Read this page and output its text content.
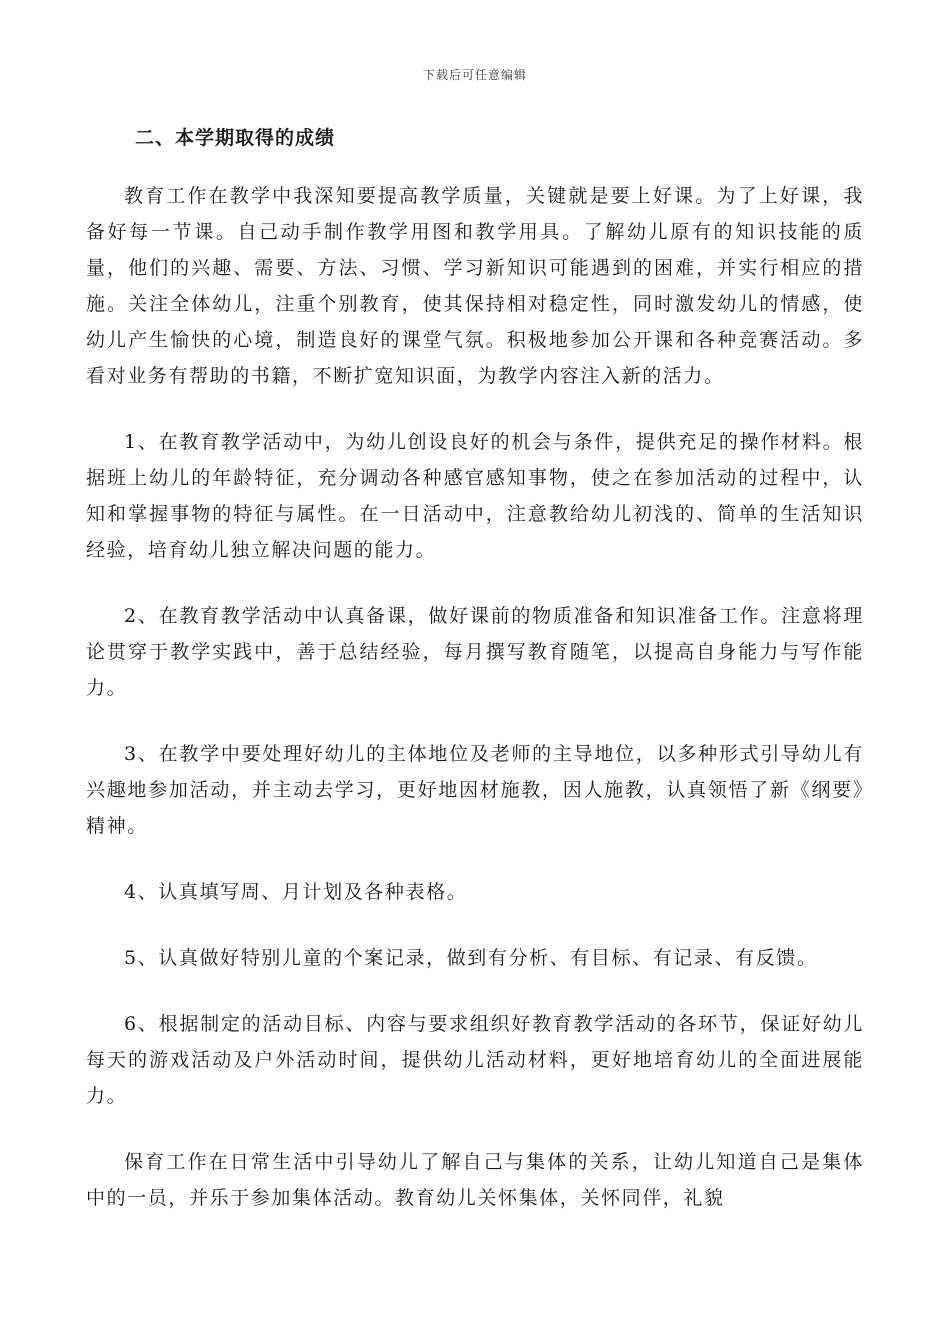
下载后可任意编辑
二、本学期取得的成绩

教育工作在教学中我深知要提高教学质量，关键就是要上好课。为了上好课，我备好每一节课。自己动手制作教学用图和教学用具。了解幼儿原有的知识技能的质量，他们的兴趣、需要、方法、习惯、学习新知识可能遇到的困难，并实行相应的措施。关注全体幼儿，注重个别教育，使其保持相对稳定性，同时激发幼儿的情感，使幼儿产生愉快的心境，制造良好的课堂气氛。积极地参加公开课和各种竞赛活动。多看对业务有帮助的书籍，不断扩宽知识面，为教学内容注入新的活力。

1、在教育教学活动中，为幼儿创设良好的机会与条件，提供充足的操作材料。根据班上幼儿的年龄特征，充分调动各种感官感知事物，使之在参加活动的过程中，认知和掌握事物的特征与属性。在一日活动中，注意教给幼儿初浅的、简单的生活知识经验，培育幼儿独立解决问题的能力。

2、在教育教学活动中认真备课，做好课前的物质准备和知识准备工作。注意将理论贯穿于教学实践中，善于总结经验，每月撰写教育随笔，以提高自身能力与写作能力。

3、在教学中要处理好幼儿的主体地位及老师的主导地位，以多种形式引导幼儿有兴趣地参加活动，并主动去学习，更好地因材施教，因人施教，认真领悟了新《纲要》精神。

4、认真填写周、月计划及各种表格。

5、认真做好特别儿童的个案记录，做到有分析、有目标、有记录、有反馈。

6、根据制定的活动目标、内容与要求组织好教育教学活动的各环节，保证好幼儿每天的游戏活动及户外活动时间，提供幼儿活动材料，更好地培育幼儿的全面进展能力。

保育工作在日常生活中引导幼儿了解自己与集体的关系，让幼儿知道自己是集体中的一员，并乐于参加集体活动。教育幼儿关怀集体，关怀同伴，礼貌
